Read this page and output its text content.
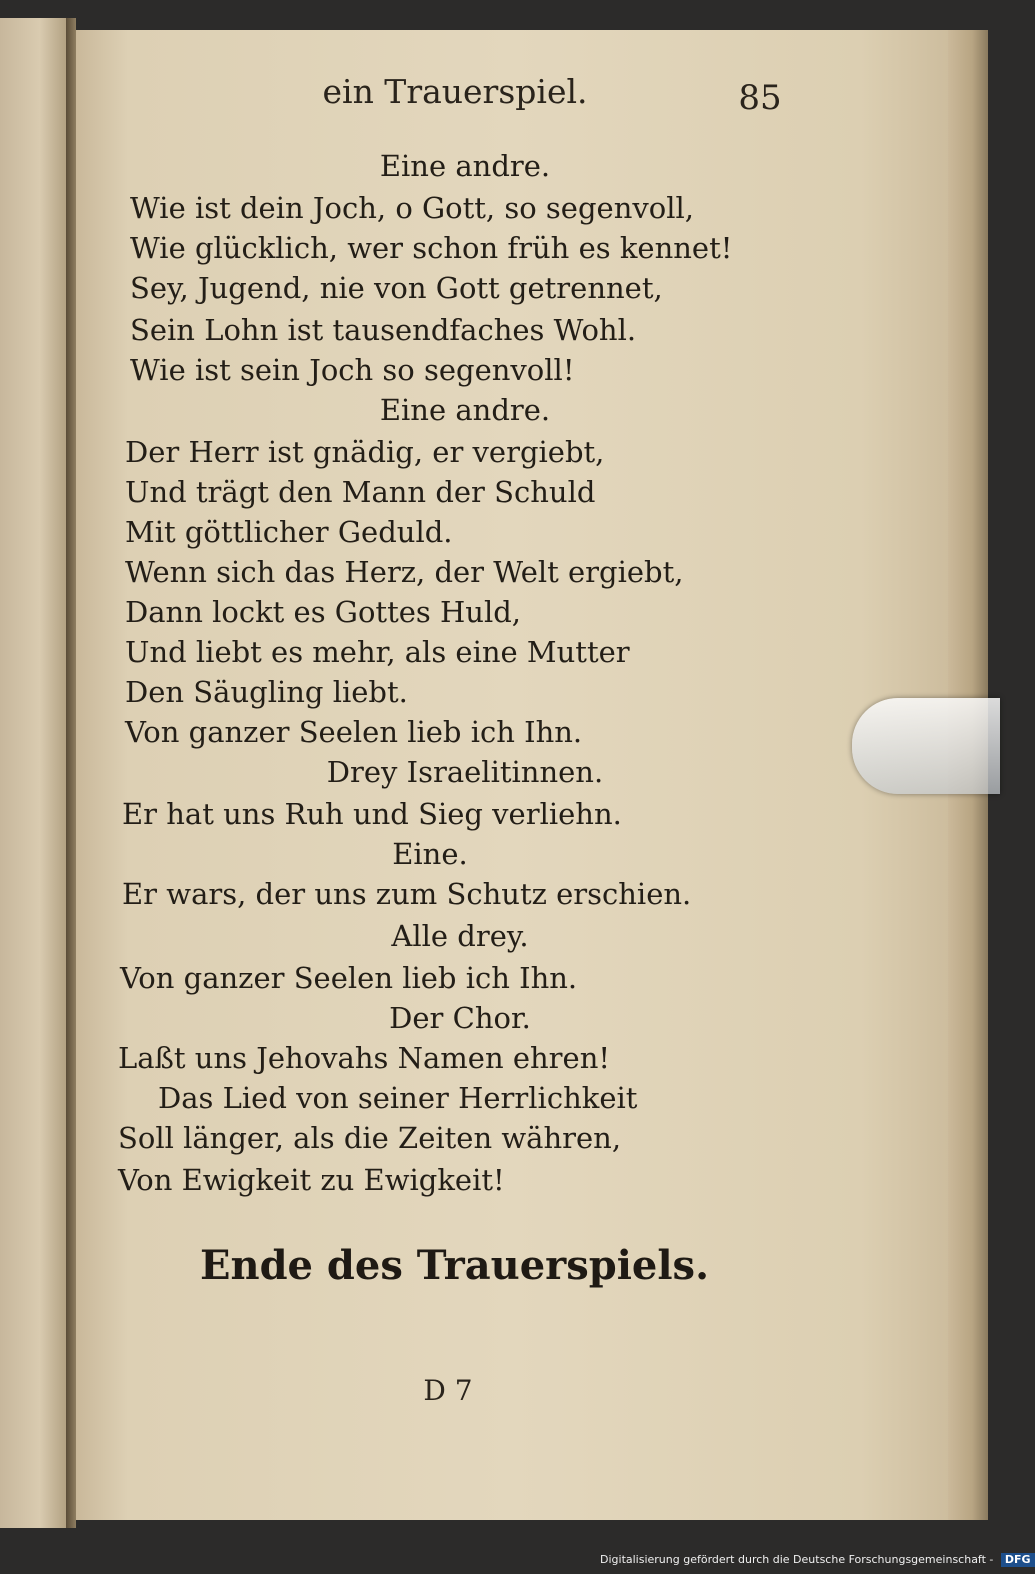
ein Trauerspiel.	85
Eine andre.
Wie ist dein Joch, o Gott, so segenvoll,
Wie glücklich, wer schon früh es kennet!
Sey, Jugend, nie von Gott getrennet,
Sein Lohn ist tausendfaches Wohl.
Wie ist sein Joch so segenvoll!
Eine andre.
Der Herr ist gnädig, er vergiebt,
Und trägt den Mann der Schuld
Mit göttlicher Geduld.
Wenn sich das Herz, der Welt ergiebt,
Dann lockt es Gottes Huld,
Und liebt es mehr, als eine Mutter
Den Säugling liebt.
Von ganzer Seelen lieb ich Ihn.
Drey Israelitinnen.
Er hat uns Ruh und Sieg verliehn.
Eine.
Er wars, der uns zum Schutz erschien.
Alle drey.
Von ganzer Seelen lieb ich Ihn.
Der Chor.
Laßt uns Jehovahs Namen ehren!
Das Lied von seiner Herrlichkeit
Soll länger, als die Zeiten währen,
Von Ewigkeit zu Ewigkeit!
Ende des Trauerspiels.
D 7
Digitalisierung gefördert durch die Deutsche Forschungsgemeinschaft - DFG
